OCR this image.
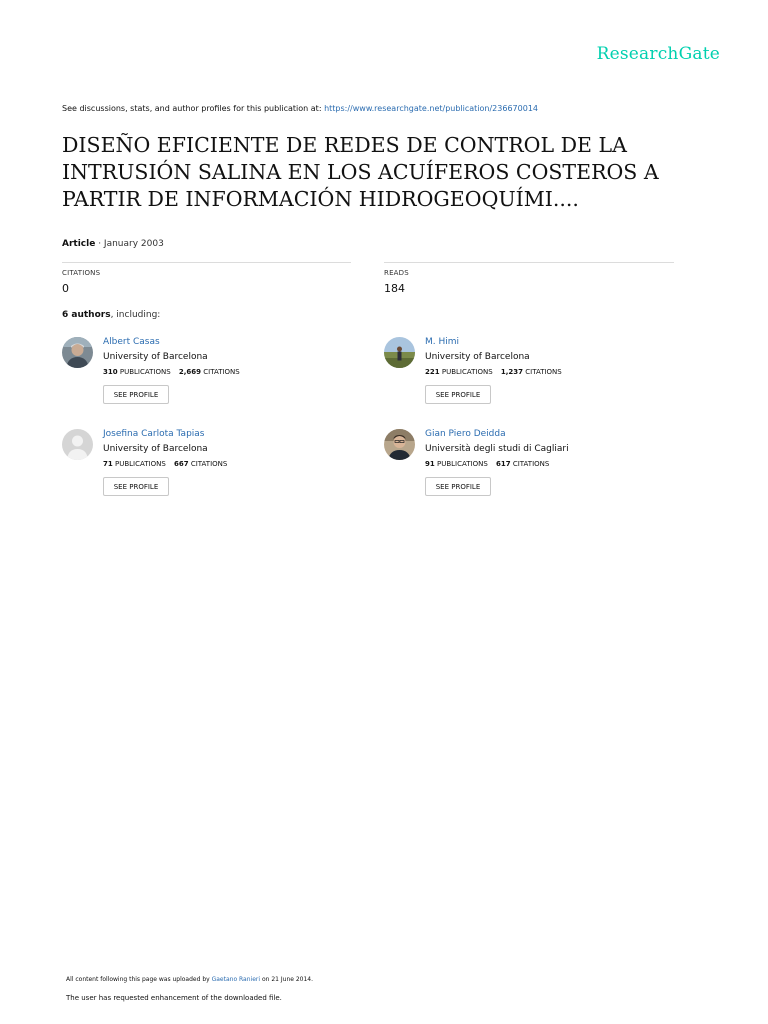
ResearchGate
See discussions, stats, and author profiles for this publication at: https://www.researchgate.net/publication/236670014
DISEÑO EFICIENTE DE REDES DE CONTROL DE LA INTRUSIÓN SALINA EN LOS ACUÍFEROS COSTEROS A PARTIR DE INFORMACIÓN HIDROGEOQUÍMI....
Article · January 2003
CITATIONS
0
READS
184
6 authors, including:
Albert Casas
University of Barcelona
310 PUBLICATIONS 2,669 CITATIONS
SEE PROFILE
M. Himi
University of Barcelona
221 PUBLICATIONS 1,237 CITATIONS
SEE PROFILE
Josefina Carlota Tapias
University of Barcelona
71 PUBLICATIONS 667 CITATIONS
SEE PROFILE
Gian Piero Deidda
Università degli studi di Cagliari
91 PUBLICATIONS 617 CITATIONS
SEE PROFILE
All content following this page was uploaded by Gaetano Ranieri on 21 June 2014.
The user has requested enhancement of the downloaded file.
